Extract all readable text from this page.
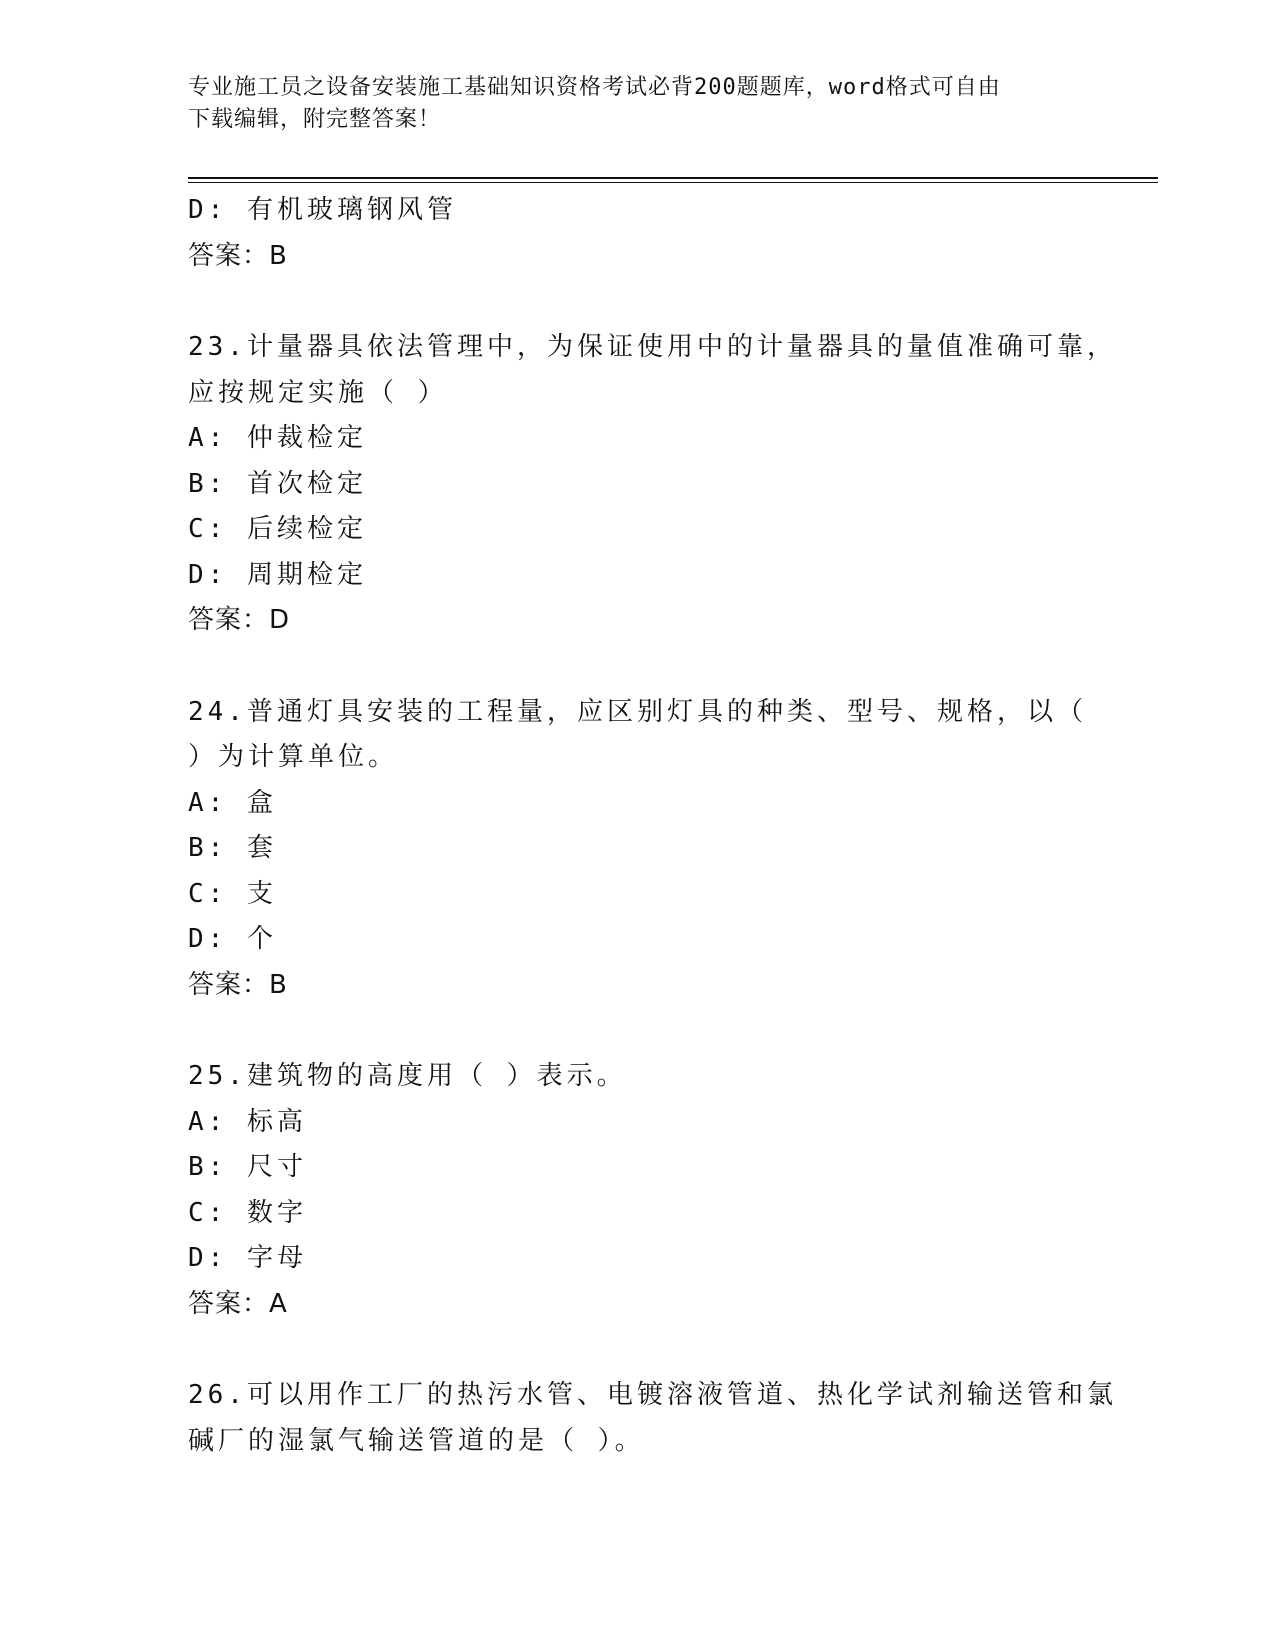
专业施工员之设备安装施工基础知识资格考试必背200题题库，word格式可自由
下载编辑，附完整答案！
D: 有机玻璃钢风管
答案：B
23.计量器具依法管理中，为保证使用中的计量器具的量值准确可靠，
应按规定实施（ ）
A: 仲裁检定
B: 首次检定
C: 后续检定
D: 周期检定
答案：D
24.普通灯具安装的工程量，应区别灯具的种类、型号、规格，以（
）为计算单位。
A: 盒
B: 套
C: 支
D: 个
答案：B
25.建筑物的高度用（ ）表示。
A: 标高
B: 尺寸
C: 数字
D: 字母
答案：A
26.可以用作工厂的热污水管、电镀溶液管道、热化学试剂输送管和氯
碱厂的湿氯气输送管道的是（ ）。
